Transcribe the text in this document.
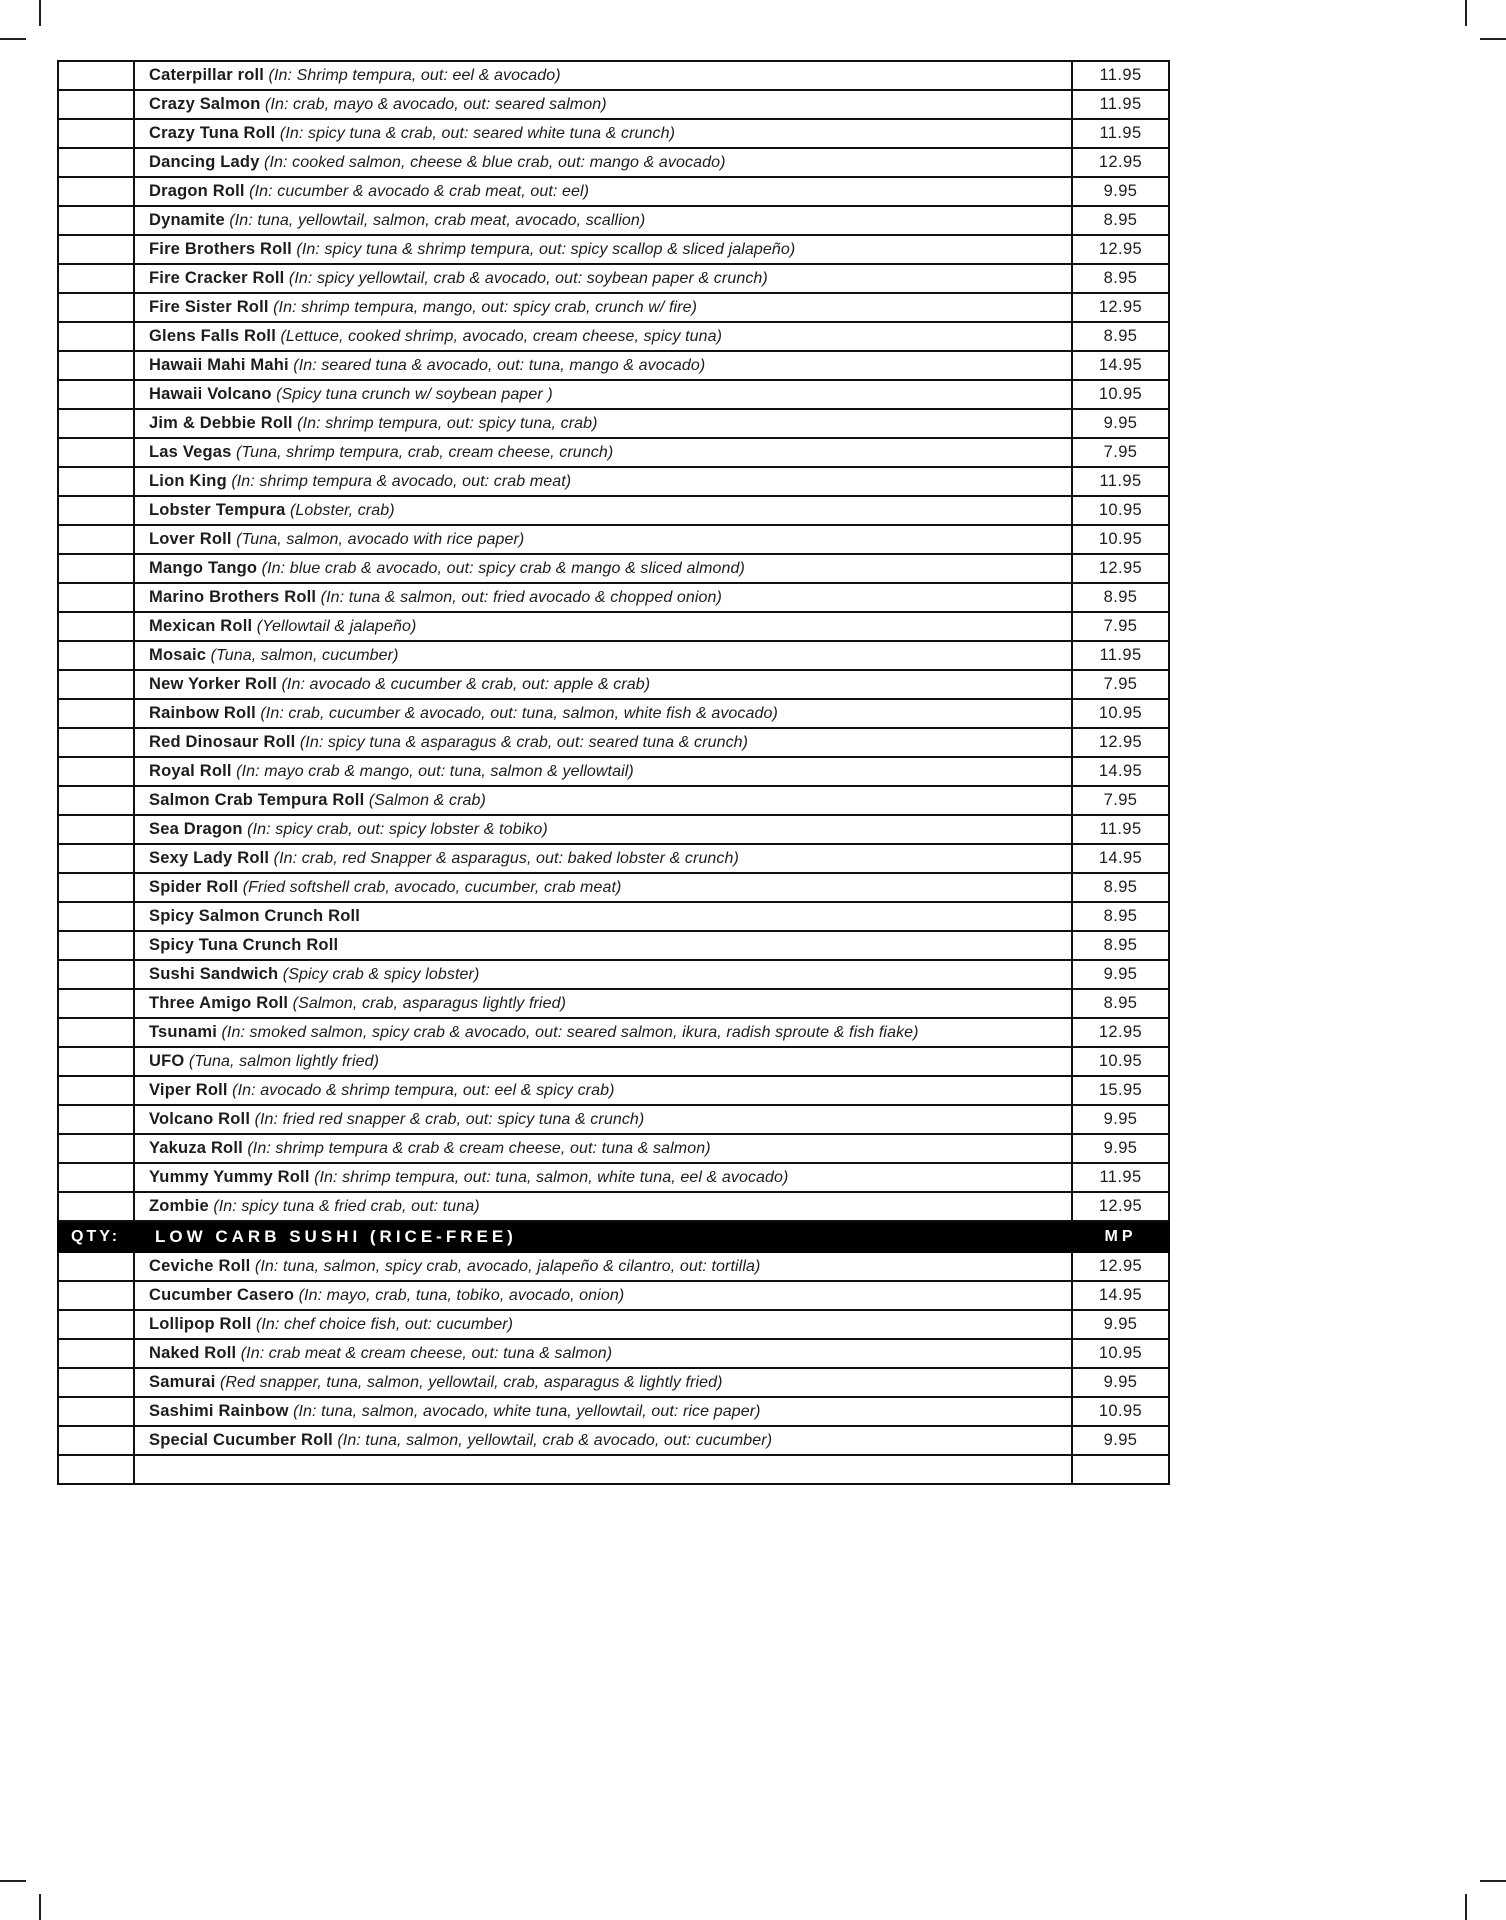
	Caterpillar roll (In: Shrimp tempura, out: eel & avocado)	11.95
	Crazy Salmon (In: crab, mayo & avocado, out: seared salmon)	11.95
	Crazy Tuna Roll (In: spicy tuna & crab, out: seared white tuna & crunch)	11.95
	Dancing Lady (In: cooked salmon, cheese & blue crab, out: mango & avocado)	12.95
	Dragon Roll (In: cucumber & avocado & crab meat, out: eel)	9.95
	Dynamite (In: tuna, yellowtail, salmon, crab meat, avocado, scallion)	8.95
	Fire Brothers Roll (In: spicy tuna & shrimp tempura, out: spicy scallop & sliced jalapeño)	12.95
	Fire Cracker Roll (In: spicy yellowtail, crab & avocado, out: soybean paper & crunch)	8.95
	Fire Sister Roll (In: shrimp tempura, mango, out: spicy crab, crunch w/ fire)	12.95
	Glens Falls Roll (Lettuce, cooked shrimp, avocado, cream cheese, spicy tuna)	8.95
	Hawaii Mahi Mahi (In: seared tuna & avocado, out: tuna, mango & avocado)	14.95
	Hawaii Volcano (Spicy tuna crunch w/ soybean paper )	10.95
	Jim & Debbie Roll (In: shrimp tempura, out: spicy tuna, crab)	9.95
	Las Vegas (Tuna, shrimp tempura, crab, cream cheese, crunch)	7.95
	Lion King (In: shrimp tempura & avocado, out: crab meat)	11.95
	Lobster Tempura (Lobster, crab)	10.95
	Lover Roll (Tuna, salmon, avocado with rice paper)	10.95
	Mango Tango (In: blue crab & avocado, out: spicy crab & mango & sliced almond)	12.95
	Marino Brothers Roll (In: tuna & salmon, out: fried avocado & chopped onion)	8.95
	Mexican Roll (Yellowtail & jalapeño)	7.95
	Mosaic (Tuna, salmon, cucumber)	11.95
	New Yorker Roll (In: avocado & cucumber & crab, out: apple & crab)	7.95
	Rainbow Roll (In: crab, cucumber & avocado, out: tuna, salmon, white fish & avocado)	10.95
	Red Dinosaur Roll (In: spicy tuna & asparagus & crab, out: seared tuna & crunch)	12.95
	Royal Roll (In: mayo crab & mango, out: tuna, salmon & yellowtail)	14.95
	Salmon Crab Tempura Roll (Salmon & crab)	7.95
	Sea Dragon (In: spicy crab, out: spicy lobster & tobiko)	11.95
	Sexy Lady Roll (In: crab, red Snapper & asparagus, out: baked lobster & crunch)	14.95
	Spider Roll (Fried softshell crab, avocado, cucumber, crab meat)	8.95
	Spicy Salmon Crunch Roll	8.95
	Spicy Tuna Crunch Roll	8.95
	Sushi Sandwich (Spicy crab & spicy lobster)	9.95
	Three Amigo Roll (Salmon, crab, asparagus lightly fried)	8.95
	Tsunami (In: smoked salmon, spicy crab & avocado, out: seared salmon, ikura, radish sproute & fish fiake)	12.95
	UFO (Tuna, salmon lightly fried)	10.95
	Viper Roll (In: avocado & shrimp tempura, out: eel & spicy crab)	15.95
	Volcano Roll (In: fried red snapper & crab, out: spicy tuna & crunch)	9.95
	Yakuza Roll (In: shrimp tempura & crab & cream cheese, out: tuna & salmon)	9.95
	Yummy Yummy Roll (In: shrimp tempura, out: tuna, salmon, white tuna, eel & avocado)	11.95
	Zombie (In: spicy tuna & fried crab, out: tuna)	12.95
QTY:	LOW CARB SUSHI (RICE-FREE)	MP
	Ceviche Roll (In: tuna, salmon, spicy crab, avocado, jalapeño & cilantro, out: tortilla)	12.95
	Cucumber Casero (In: mayo, crab, tuna, tobiko, avocado, onion)	14.95
	Lollipop Roll (In: chef choice fish, out: cucumber)	9.95
	Naked Roll (In: crab meat & cream cheese, out: tuna & salmon)	10.95
	Samurai (Red snapper, tuna, salmon, yellowtail, crab, asparagus & lightly fried)	9.95
	Sashimi Rainbow (In: tuna, salmon, avocado, white tuna, yellowtail, out: rice paper)	10.95
	Special Cucumber Roll (In: tuna, salmon, yellowtail, crab & avocado, out: cucumber)	9.95
